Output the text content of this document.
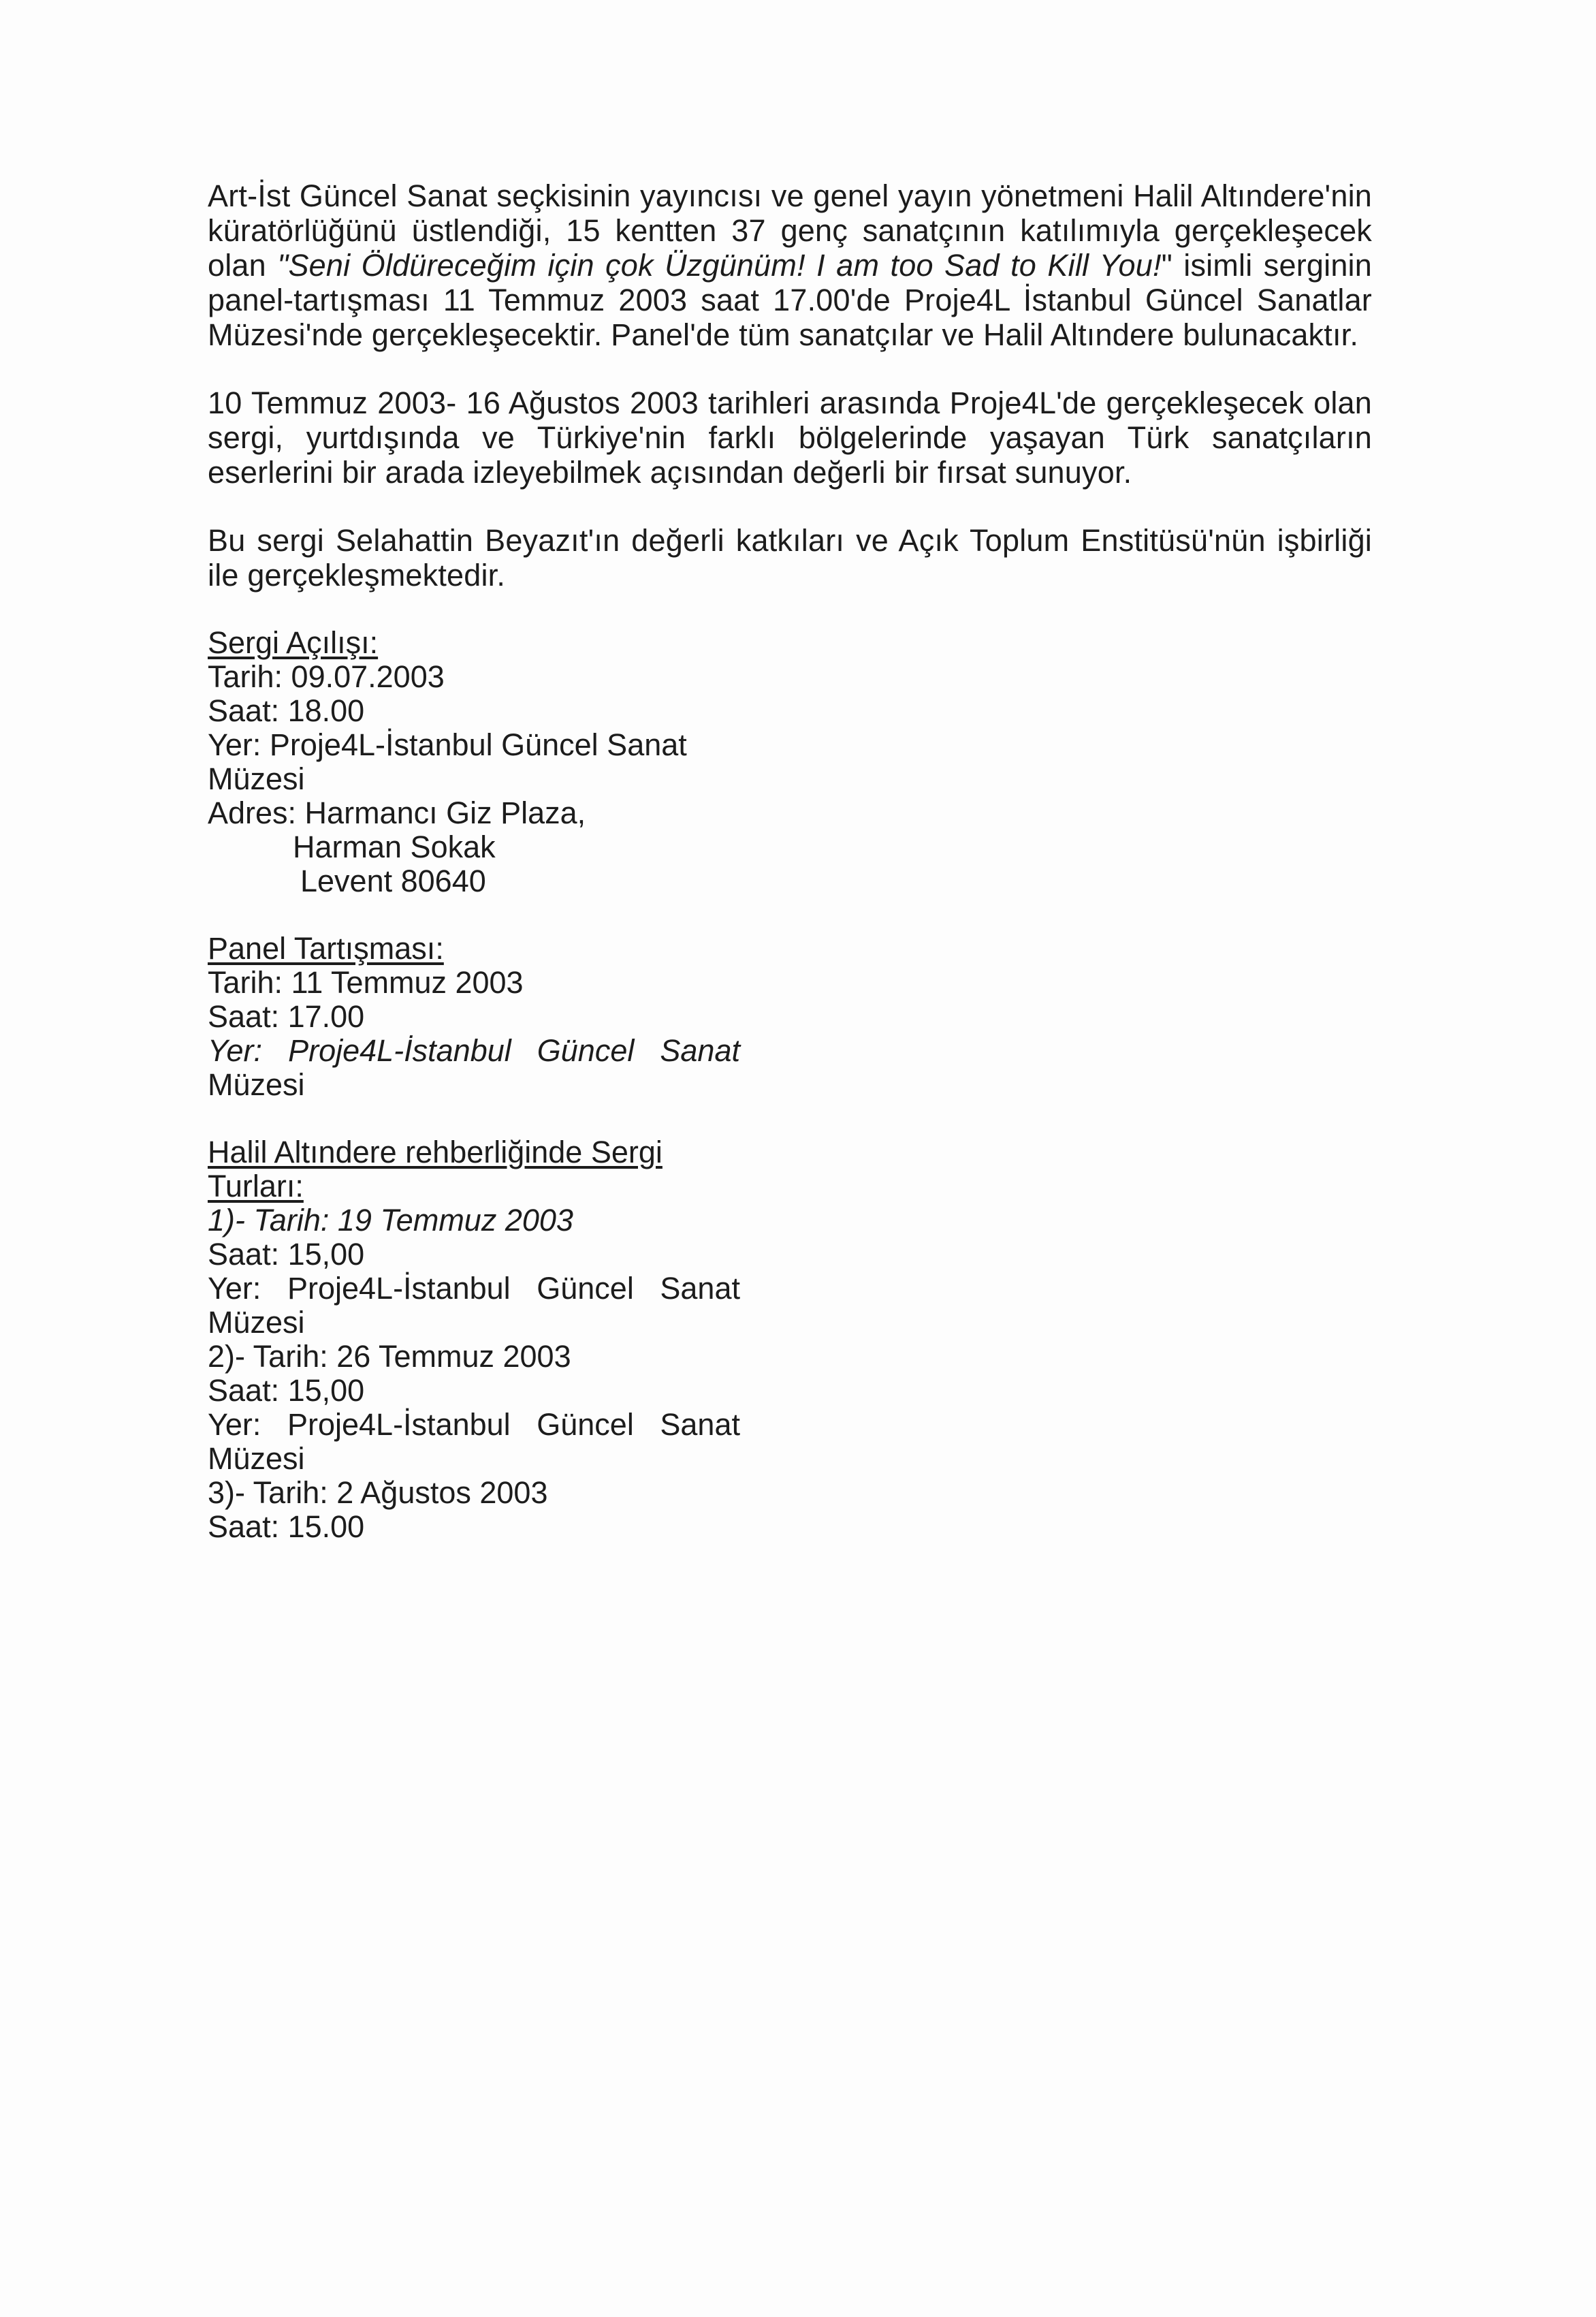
Art-İst Güncel Sanat seçkisinin yayıncısı ve genel yayın yönetmeni Halil Altındere'nin küratörlüğünü üstlendiği, 15 kentten 37 genç sanatçının katılımıyla gerçekleşecek olan "Seni Öldüreceğim için çok Üzgünüm! I am too Sad to Kill You!" isimli serginin panel-tartışması 11 Temmuz 2003 saat 17.00'de Proje4L İstanbul Güncel Sanatlar Müzesi'nde gerçekleşecektir. Panel'de tüm sanatçılar ve Halil Altındere bulunacaktır.

10 Temmuz 2003- 16 Ağustos 2003 tarihleri arasında Proje4L'de gerçekleşecek olan sergi, yurtdışında ve Türkiye'nin farklı bölgelerinde yaşayan Türk sanatçıların eserlerini bir arada izleyebilmek açısından değerli bir fırsat sunuyor.

Bu sergi Selahattin Beyazıt'ın değerli katkıları ve Açık Toplum Enstitüsü'nün işbirliği ile gerçekleşmektedir.

Sergi Açılışı:
Tarih: 09.07.2003
Saat: 18.00
Yer: Proje4L-İstanbul Güncel Sanat
Müzesi
Adres: Harmancı Giz Plaza,
Harman Sokak
Levent 80640
Panel Tartışması:
Tarih: 11 Temmuz 2003
Saat: 17.00
Yer: Proje4L-İstanbul Güncel Sanat
Müzesi
Halil Altındere rehberliğinde Sergi
Turları:
1)- Tarih: 19 Temmuz 2003
Saat: 15,00
Yer: Proje4L-İstanbul Güncel Sanat
Müzesi
2)- Tarih: 26 Temmuz 2003
Saat: 15,00
Yer: Proje4L-İstanbul Güncel Sanat
Müzesi
3)- Tarih: 2 Ağustos 2003
Saat: 15.00
